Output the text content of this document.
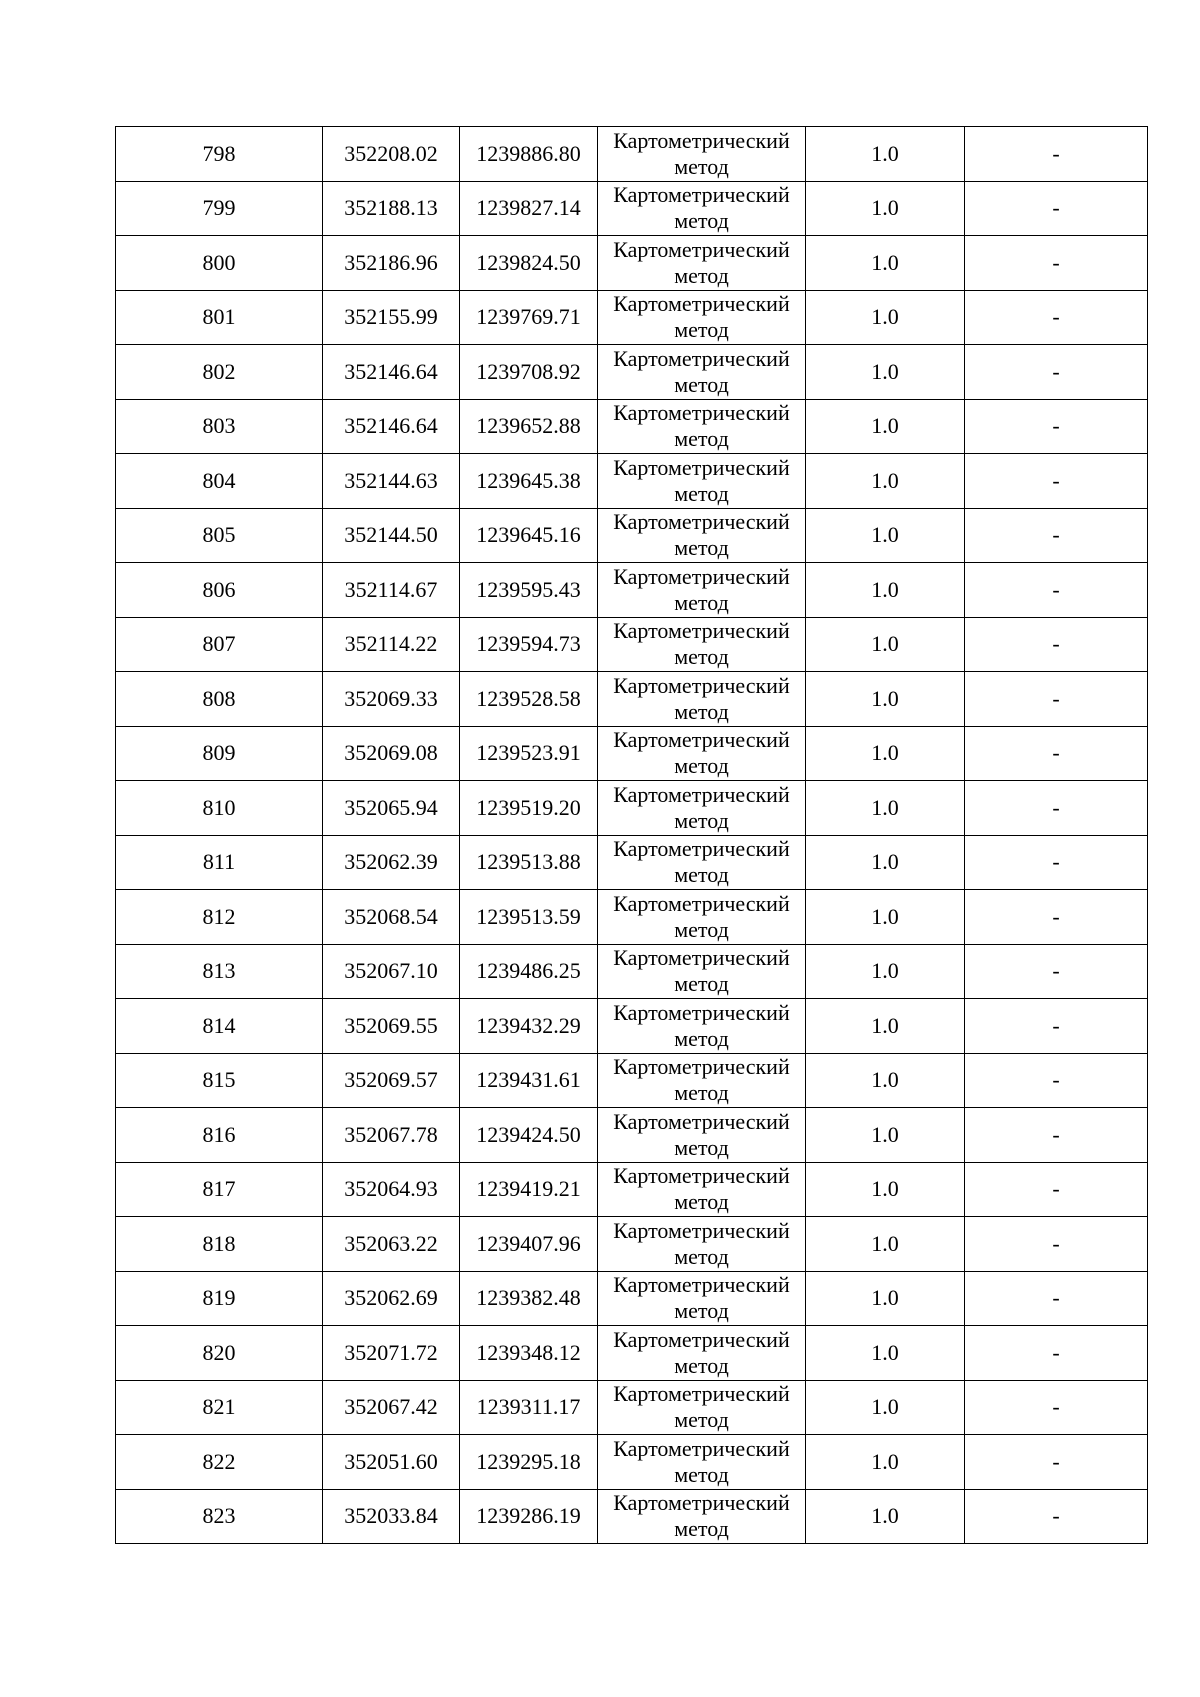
798	352208.02	1239886.80	Картометрический метод	1.0	-
799	352188.13	1239827.14	Картометрический метод	1.0	-
800	352186.96	1239824.50	Картометрический метод	1.0	-
801	352155.99	1239769.71	Картометрический метод	1.0	-
802	352146.64	1239708.92	Картометрический метод	1.0	-
803	352146.64	1239652.88	Картометрический метод	1.0	-
804	352144.63	1239645.38	Картометрический метод	1.0	-
805	352144.50	1239645.16	Картометрический метод	1.0	-
806	352114.67	1239595.43	Картометрический метод	1.0	-
807	352114.22	1239594.73	Картометрический метод	1.0	-
808	352069.33	1239528.58	Картометрический метод	1.0	-
809	352069.08	1239523.91	Картометрический метод	1.0	-
810	352065.94	1239519.20	Картометрический метод	1.0	-
811	352062.39	1239513.88	Картометрический метод	1.0	-
812	352068.54	1239513.59	Картометрический метод	1.0	-
813	352067.10	1239486.25	Картометрический метод	1.0	-
814	352069.55	1239432.29	Картометрический метод	1.0	-
815	352069.57	1239431.61	Картометрический метод	1.0	-
816	352067.78	1239424.50	Картометрический метод	1.0	-
817	352064.93	1239419.21	Картометрический метод	1.0	-
818	352063.22	1239407.96	Картометрический метод	1.0	-
819	352062.69	1239382.48	Картометрический метод	1.0	-
820	352071.72	1239348.12	Картометрический метод	1.0	-
821	352067.42	1239311.17	Картометрический метод	1.0	-
822	352051.60	1239295.18	Картометрический метод	1.0	-
823	352033.84	1239286.19	Картометрический метод	1.0	-
